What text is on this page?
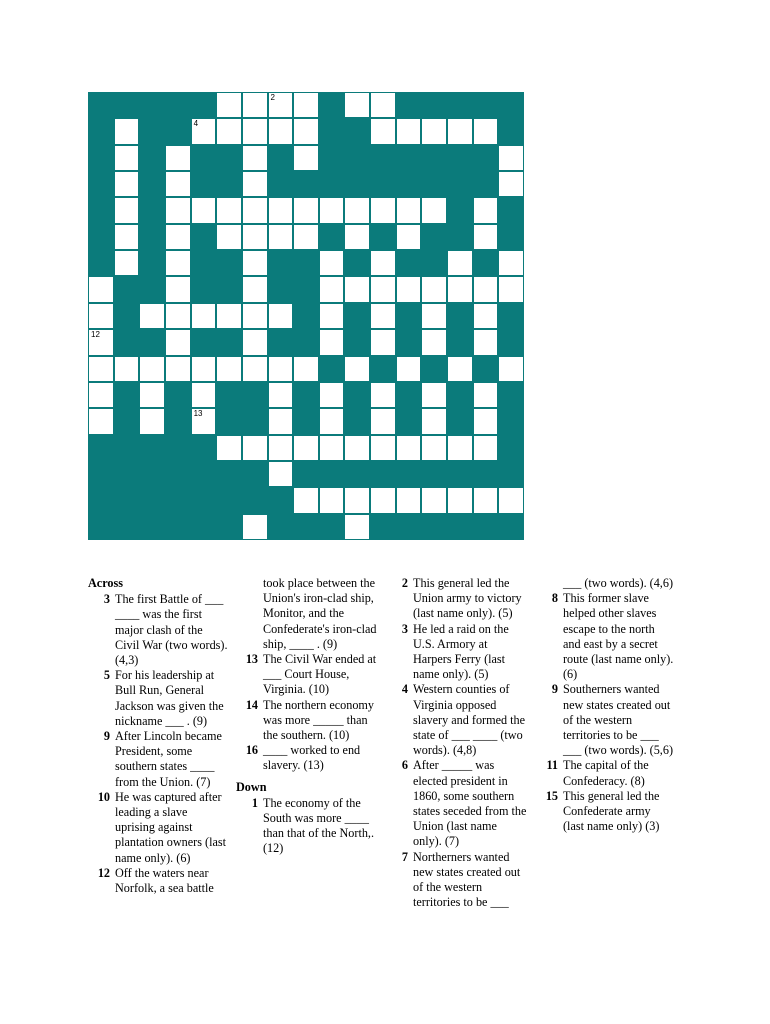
2
4
12
13
Across
3 The first Battle of ___ ____ was the first major clash of the Civil War (two words). (4,3)
5 For his leadership at Bull Run, General Jackson was given the nickname ___ . (9)
9 After Lincoln became President, some southern states ____ from the Union. (7)
10 He was captured after leading a slave uprising against plantation owners (last name only). (6)
12 Off the waters near Norfolk, a sea battle
took place between the Union's iron-clad ship, Monitor, and the Confederate's iron-clad ship, ____ . (9)
13 The Civil War ended at ___ Court House, Virginia. (10)
14 The northern economy was more _____ than the southern. (10)
16 ____ worked to end slavery. (13)
Down
1 The economy of the South was more ____ than that of the North,. (12)
2 This general led the Union army to victory (last name only). (5)
3 He led a raid on the U.S. Armory at Harpers Ferry (last name only). (5)
4 Western counties of Virginia opposed slavery and formed the state of ___ ____ (two words). (4,8)
6 After _____ was elected president in 1860, some southern states seceded from the Union (last name only). (7)
7 Northerners wanted new states created out of the western territories to be ___
___ (two words). (4,6)
8 This former slave helped other slaves escape to the north and east by a secret route (last name only). (6)
9 Southerners wanted new states created out of the western territories to be ___ ___ (two words). (5,6)
11 The capital of the Confederacy. (8)
15 This general led the Confederate army (last name only) (3)
